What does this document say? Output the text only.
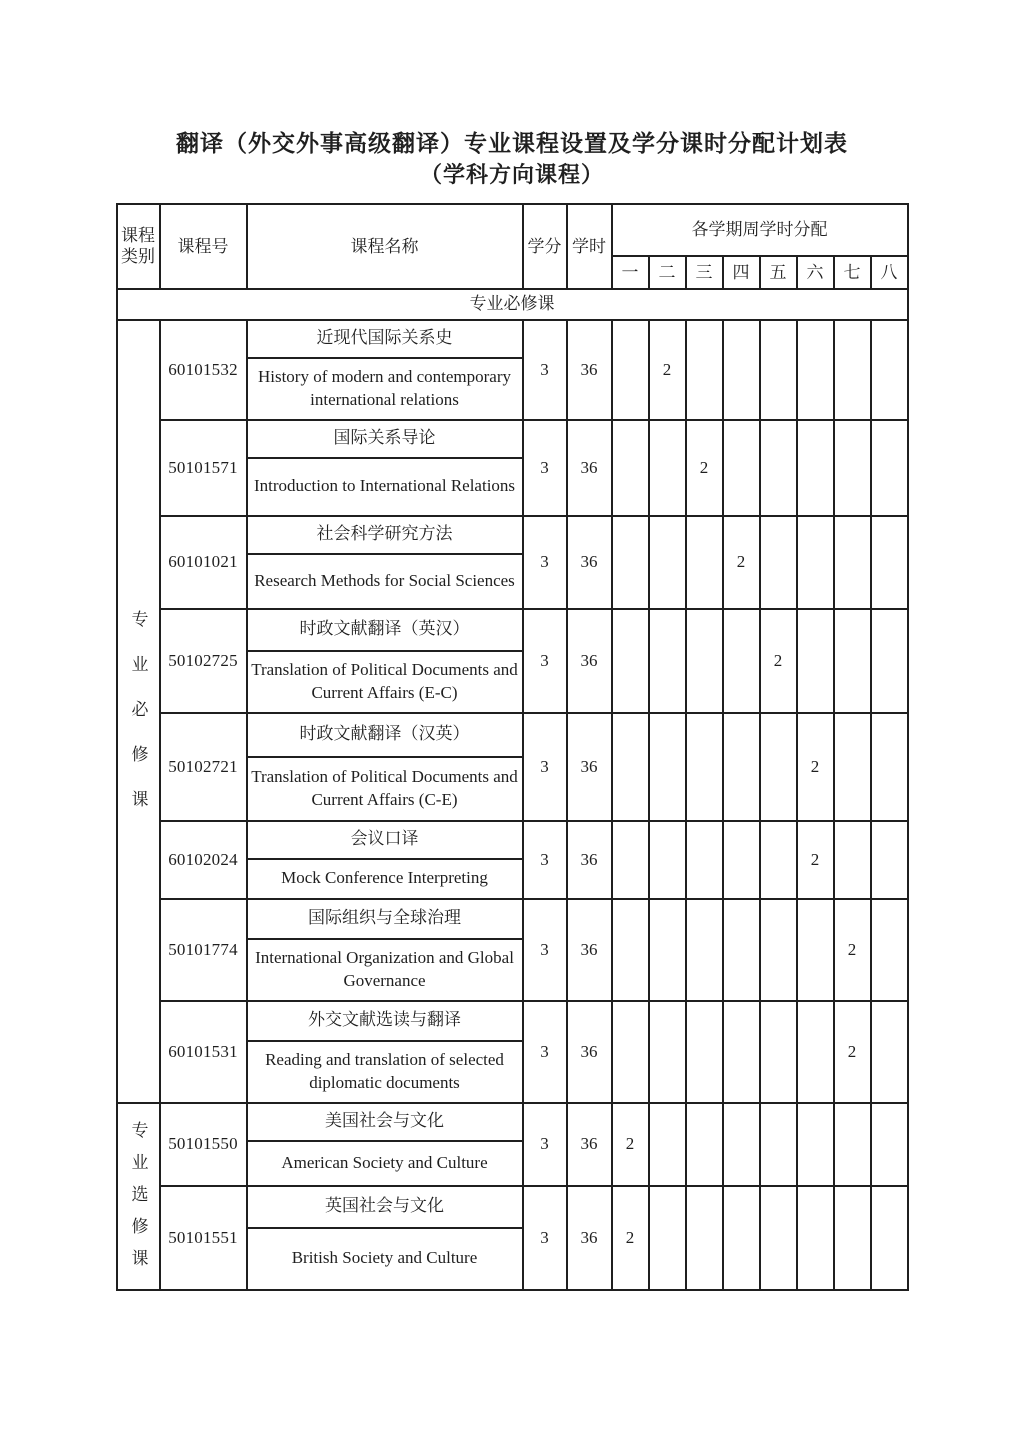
翻译（外交外事高级翻译）专业课程设置及学分课时分配计划表
（学科方向课程）
课程类别	课程号	课程名称	学分	学时	各学期周学时分配							
					一	二	三	四	五	六	七	八
专业必修课												
专业必修课	60101532	近现代国际关系史	3	36		2						
		History of modern and contemporary international relations										
	50101571	国际关系导论	3	36			2					
		Introduction to International Relations										
	60101021	社会科学研究方法	3	36				2				
		Research Methods for Social Sciences										
	50102725	时政文献翻译（英汉）	3	36					2			
		Translation of Political Documents and Current Affairs (E-C)										
	50102721	时政文献翻译（汉英）	3	36						2		
		Translation of Political Documents and Current Affairs (C-E)										
	60102024	会议口译	3	36						2		
		Mock Conference Interpreting										
	50101774	国际组织与全球治理	3	36							2	
		International Organization and Global Governance										
	60101531	外交文献选读与翻译	3	36							2	
		Reading and translation of selected diplomatic documents										
专业选修课	50101550	美国社会与文化	3	36	2							
		American Society and Culture										
	50101551	英国社会与文化	3	36	2							
		British Society and Culture										
